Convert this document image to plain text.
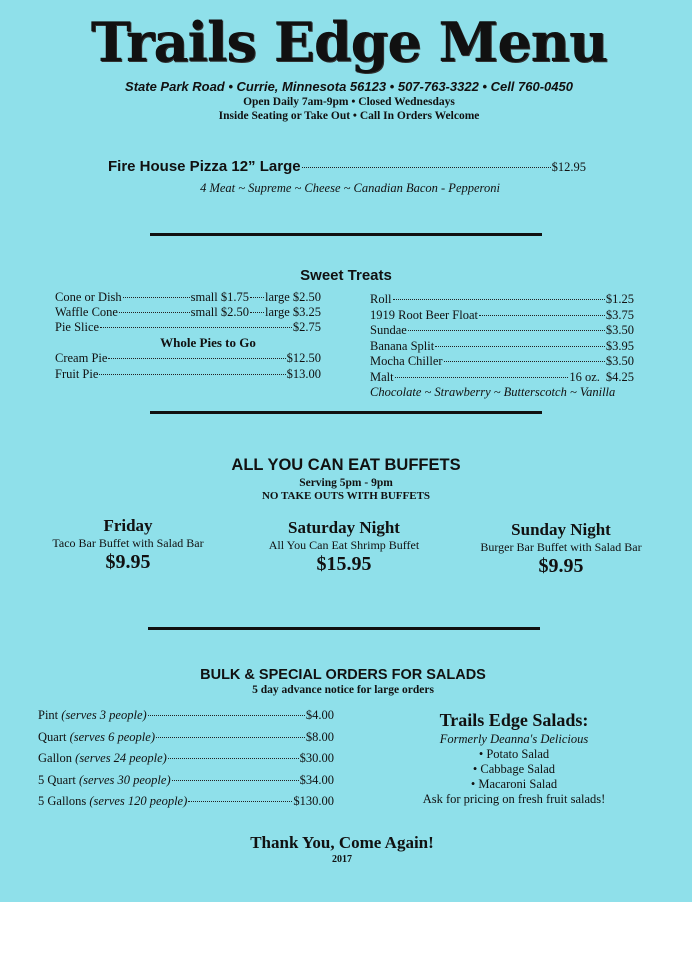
Trails Edge Menu
State Park Road • Currie, Minnesota 56123 • 507-763-3322 • Cell 760-0450
Open Daily 7am-9pm • Closed Wednesdays
Inside Seating or Take Out • Call In Orders Welcome
Fire House Pizza 12” Large	$12.95
4 Meat ~ Supreme ~ Cheese ~ Canadian Bacon - Pepperoni
Sweet Treats
Cone or Dish	small $1.75 large $2.50
Waffle Cone	small $2.50 large $3.25
Pie Slice	$2.75
Whole Pies to Go
Cream Pie	$12.50
Fruit Pie	$13.00
Roll	$1.25
1919 Root Beer Float	$3.75
Sundae	$3.50
Banana Split	$3.95
Mocha Chiller	$3.50
Malt	16 oz. $4.25
Chocolate ~ Strawberry ~ Butterscotch ~ Vanilla
ALL YOU CAN EAT BUFFETS
Serving 5pm - 9pm
NO TAKE OUTS WITH BUFFETS
Friday
Taco Bar Buffet with Salad Bar
$9.95
Saturday Night
All You Can Eat Shrimp Buffet
$15.95
Sunday Night
Burger Bar Buffet with Salad Bar
$9.95
BULK & SPECIAL ORDERS FOR SALADS
5 day advance notice for large orders
Pint
(serves 3 people)	$4.00
Quart
(serves 6 people)	$8.00
Gallon
(serves 24 people)	$30.00
5 Quart
(serves 30 people)	$34.00
5 Gallons
(serves 120 people)	$130.00
Trails Edge Salads:
Formerly Deanna's Delicious
• Potato Salad
• Cabbage Salad
• Macaroni Salad
Ask for pricing on fresh fruit salads!
Thank You, Come Again!
2017
